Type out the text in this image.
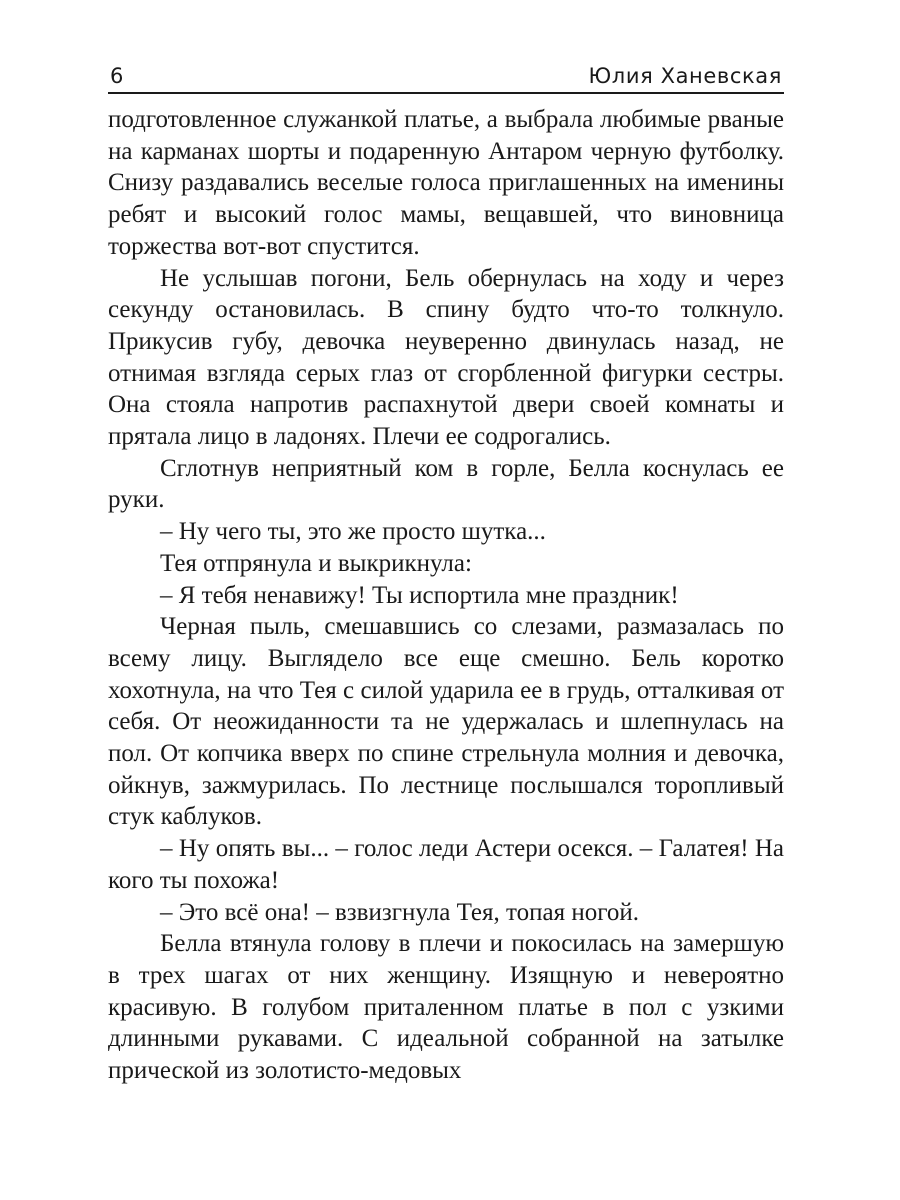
6	Юлия Ханевская

подготовленное служанкой платье, а выбрала любимые рваные на карманах шорты и подаренную Антаром черную футболку. Снизу раздавались веселые голоса приглашенных на именины ребят и высокий голос мамы, вещавшей, что виновница торжества вот-вот спустится.

Не услышав погони, Бель обернулась на ходу и через секунду остановилась. В спину будто что-то толкнуло. Прикусив губу, девочка неуверенно двинулась назад, не отнимая взгляда серых глаз от сгорбленной фигурки сестры. Она стояла напротив распахнутой двери своей комнаты и прятала лицо в ладонях. Плечи ее содрогались.

Сглотнув неприятный ком в горле, Белла коснулась ее руки.

– Ну чего ты, это же просто шутка...

Тея отпрянула и выкрикнула:

– Я тебя ненавижу! Ты испортила мне праздник!

Черная пыль, смешавшись со слезами, размазалась по всему лицу. Выглядело все еще смешно. Бель коротко хохотнула, на что Тея с силой ударила ее в грудь, отталкивая от себя. От неожиданности та не удержалась и шлепнулась на пол. От копчика вверх по спине стрельнула молния и девочка, ойкнув, зажмурилась. По лестнице послышался торопливый стук каблуков.

– Ну опять вы... – голос леди Астери осекся. – Галатея! На кого ты похожа!

– Это всё она! – взвизгнула Тея, топая ногой.

Белла втянула голову в плечи и покосилась на замершую в трех шагах от них женщину. Изящную и невероятно красивую. В голубом приталенном платье в пол с узкими длинными рукавами. С идеальной собранной на затылке прической из золотисто-медовых
